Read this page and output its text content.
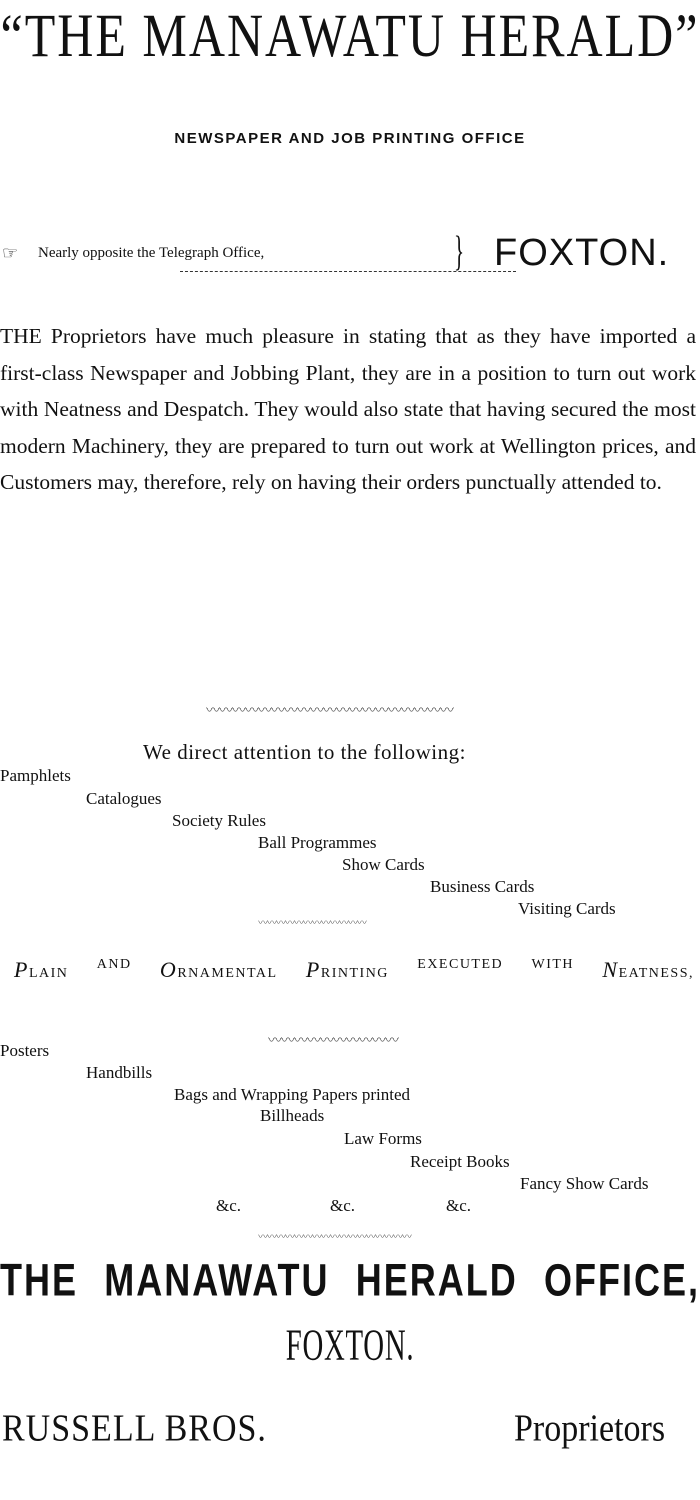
“THE MANAWATU HERALD”
NEWSPAPER AND JOB PRINTING OFFICE
☞ Nearly opposite the Telegraph Office,	} FOXTON.
THE Proprietors have much pleasure in stating that as they have imported a first-class Newspaper and Jobbing Plant, they are in a position to turn out work with Neatness and Despatch. They would also state that having secured the most modern Machinery, they are prepared to turn out work at Wellington prices, and Customers may, therefore, rely on having their orders punctually attended to.
〰〰〰〰〰〰〰〰〰〰〰〰〰〰〰〰〰〰〰
We direct attention to the following:
Pamphlets
Catalogues
Society Rules
Ball Programmes
Show Cards
Business Cards
Visiting Cards
〰〰〰〰〰〰〰〰〰〰〰〰
PLAIN
AND ORNAMENTAL PRINTING
EXECUTED WITH NEATNESS,
〰〰〰〰〰〰〰〰〰〰
Posters
Handbills
Bags and Wrapping Papers printed
Billheads
Law Forms
Receipt Books
Fancy Show Cards
&c.	&c.	&c.
〰〰〰〰〰〰〰〰〰〰〰〰〰〰〰〰〰
THE MANAWATU HERALD OFFICE,
FOXTON.
RUSSELL BROS.	Proprietors
